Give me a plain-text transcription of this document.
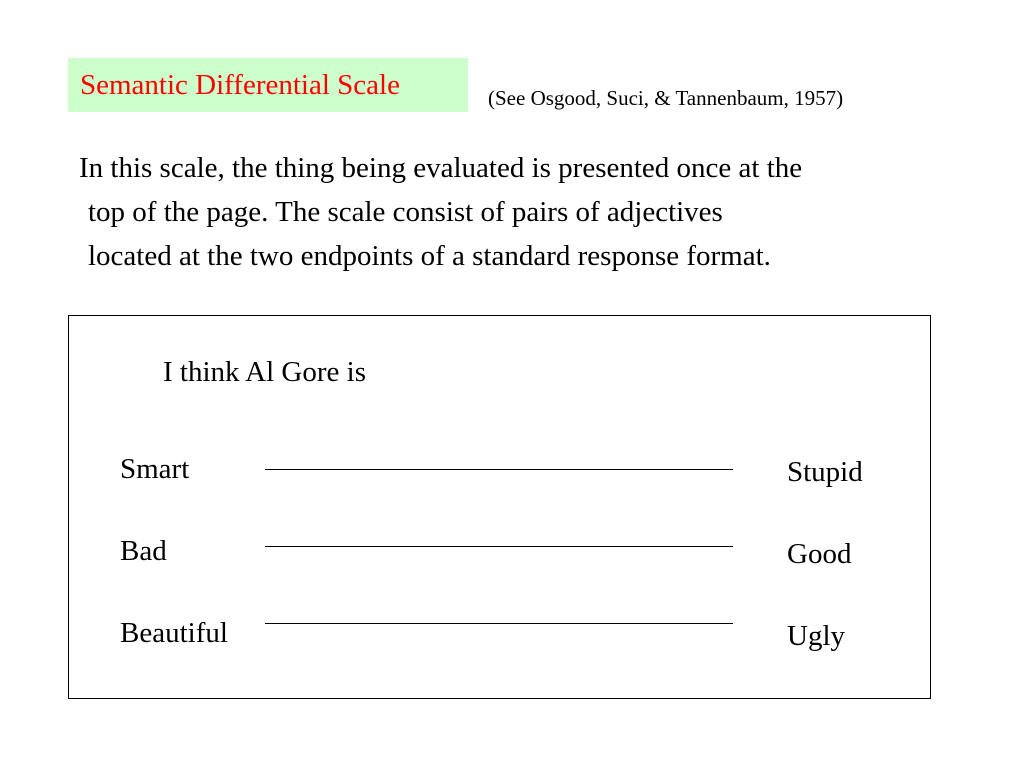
Semantic Differential Scale	(See Osgood, Suci, & Tannenbaum, 1957)
In this scale, the thing being evaluated is presented once at the
top of the page. The scale consist of pairs of adjectives
located at the two endpoints of a standard response format.
I think Al Gore is
Smart	Stupid
Bad	Good
Beautiful	Ugly
